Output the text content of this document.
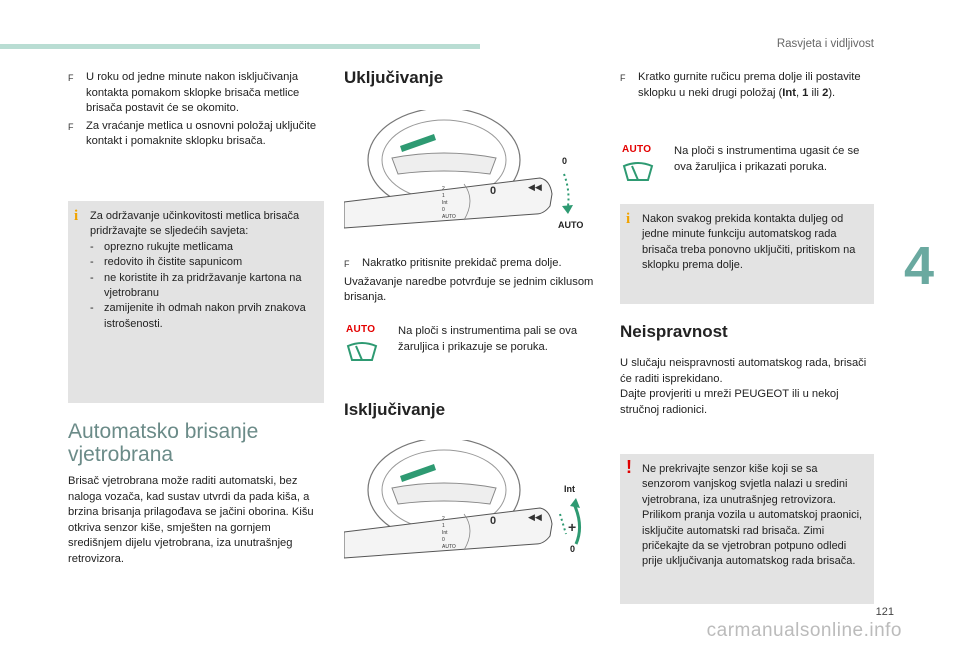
Rasvjeta i vidljivost
F	U roku od jedne minute nakon isključivanja kontakta pomakom sklopke brisača metlice brisača postavit će se okomito.
F	Za vraćanje metlica u osnovni položaj uključite kontakt i pomaknite sklopku brisača.
i Za održavanje učinkovitosti metlica brisača pridržavajte se sljedećih savjeta:
- oprezno rukujte metlicama
- redovito ih čistite sapunicom
- ne koristite ih za pridržavanje kartona na vjetrobranu
- zamijenite ih odmah nakon prvih znakova istrošenosti.
Automatsko brisanje vjetrobrana
Brisač vjetrobrana može raditi automatski, bez naloga vozača, kad sustav utvrdi da pada kiša, a brzina brisanja prilagođava se jačini oborina. Kišu otkriva senzor kiše, smješten na gornjem središnjem dijelu vjetrobrana, iza unutrašnjeg retrovizora.
Uključivanje
2
1
Int
0
AUTO
0	◀◀
0
AUTO
F	Nakratko pritisnite prekidač prema dolje.
Uvažavanje naredbe potvrđuje se jednim ciklusom brisanja.
AUTO Na ploči s instrumentima pali se ova žaruljica i prikazuje se poruka.
Isključivanje
2
1
Int
0
AUTO
0	◀◀
Int
+
0
F	Kratko gurnite ručicu prema dolje ili postavite sklopku u neki drugi položaj (Int, 1 ili 2).
AUTO Na ploči s instrumentima ugasit će se ova žaruljica i prikazati poruka.
i Nakon svakog prekida kontakta duljeg od jedne minute funkciju automatskog rada brisača treba ponovno uključiti, pritiskom na sklopku prema dolje.
Neispravnost
U slučaju neispravnosti automatskog rada, brisači će raditi isprekidano.
Dajte provjeriti u mreži PEUGEOT ili u nekoj stručnoj radionici.
! Ne prekrivajte senzor kiše koji se sa senzorom vanjskog svjetla nalazi u sredini vjetrobrana, iza unutrašnjeg retrovizora. Prilikom pranja vozila u automatskoj praonici, isključite automatski rad brisača. Zimi pričekajte da se vjetrobran potpuno odledi prije uključivanja automatskog rada brisača.
4
121
carmanualsonline.info
